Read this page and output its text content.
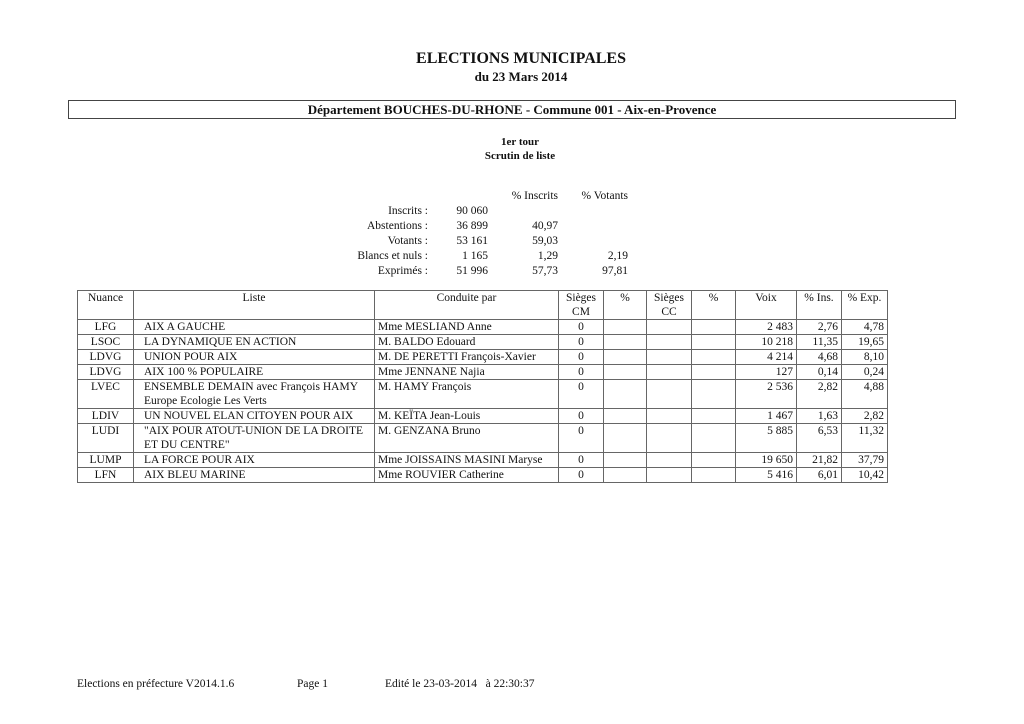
ELECTIONS MUNICIPALES
du 23 Mars 2014
Département BOUCHES-DU-RHONE - Commune 001 - Aix-en-Provence
1er tour
Scrutin de liste
		% Inscrits	% Votants
Inscrits :	90 060		
Abstentions :	36 899	40,97	
Votants :	53 161	59,03	
Blancs et nuls :	1 165	1,29	2,19
Exprimés :	51 996	57,73	97,81
Nuance	Liste	Conduite par	Sièges CM	%	Sièges CC	%	Voix	% Ins.	% Exp.
LFG	AIX A GAUCHE	Mme MESLIAND Anne	0				2 483	2,76	4,78
LSOC	LA DYNAMIQUE EN ACTION	M. BALDO Edouard	0				10 218	11,35	19,65
LDVG	UNION POUR AIX	M. DE PERETTI François-Xavier	0				4 214	4,68	8,10
LDVG	AIX 100 % POPULAIRE	Mme JENNANE Najia	0				127	0,14	0,24
LVEC	ENSEMBLE DEMAIN avec François HAMY Europe Ecologie Les Verts	M. HAMY François	0				2 536	2,82	4,88
LDIV	UN NOUVEL ELAN CITOYEN POUR AIX	M. KEÏTA Jean-Louis	0				1 467	1,63	2,82
LUDI	"AIX POUR ATOUT-UNION DE LA DROITE ET DU CENTRE"	M. GENZANA Bruno	0				5 885	6,53	11,32
LUMP	LA FORCE POUR AIX	Mme JOISSAINS MASINI Maryse	0				19 650	21,82	37,79
LFN	AIX BLEU MARINE	Mme ROUVIER Catherine	0				5 416	6,01	10,42
Elections en préfecture V2014.1.6	Page 1	Edité le 23-03-2014   à 22:30:37
